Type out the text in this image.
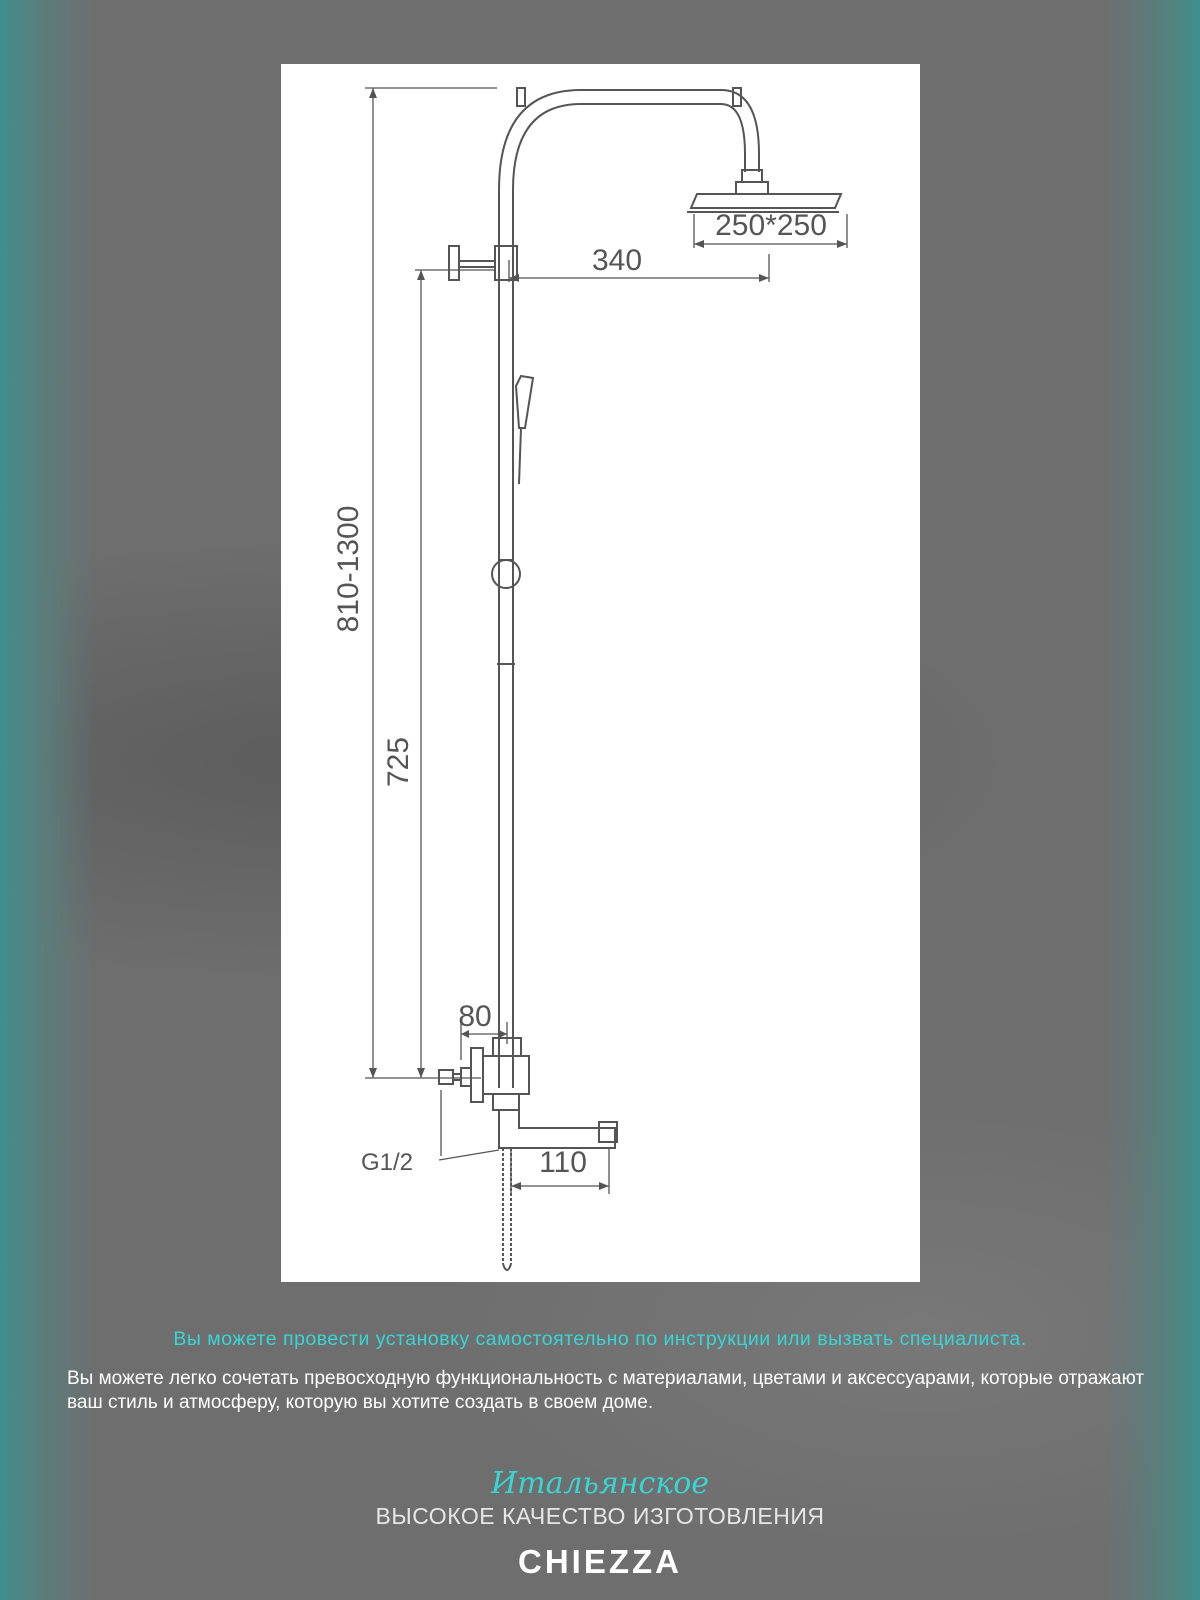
810-1300
725
340
250*250
80
110
G1/2
Вы можете провести установку самостоятельно по инструкции или вызвать специалиста.
Вы можете легко сочетать превосходную функциональность с материалами, цветами и аксессуарами, которые отражают ваш стиль и атмосферу, которую вы хотите создать в своем доме.
Итальянское
ВЫСОКОЕ КАЧЕСТВО ИЗГОТОВЛЕНИЯ
CHIEZZA
